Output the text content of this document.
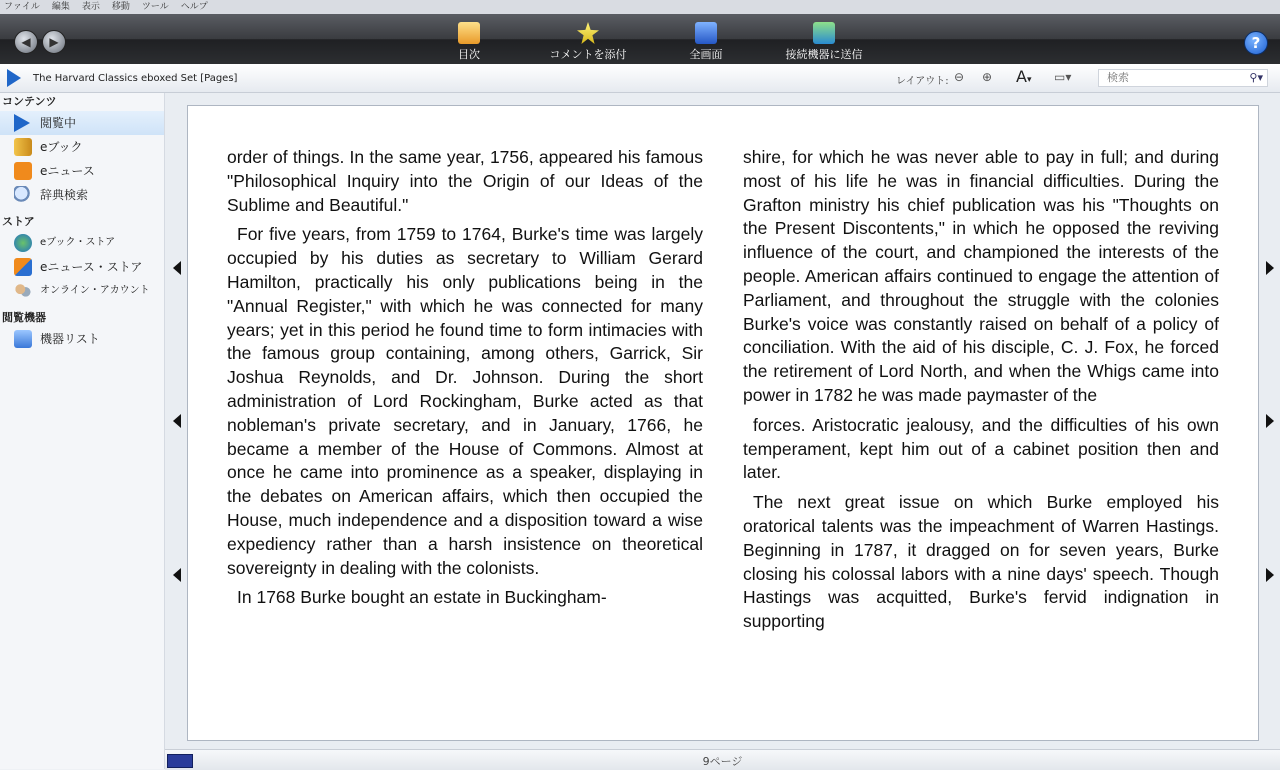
ファイル	編集	表示	移動	ツール	ヘルプ
◀	▶
目次	コメントを添付	全画面	接続機器に送信
?
The Harvard Classics eboxed Set [Pages]	レイアウト: ⊖ ⊕ A▾ ▭▾	検索	⚲▾
コンテンツ
閲覧中
eブック
eニュース
辞典検索
ストア
eブック・ストア
eニュース・ストア
オンライン・アカウント
閲覧機器
機器リスト

order of things. In the same year, 1756, appeared his famous "Philosophical Inquiry into the Origin of our Ideas of the Sublime and Beautiful."

For five years, from 1759 to 1764, Burke's time was largely occupied by his duties as secretary to William Gerard Hamilton, practically his only publications being in the "Annual Register," with which he was connected for many years; yet in this period he found time to form intimacies with the famous group containing, among others, Garrick, Sir Joshua Reynolds, and Dr. Johnson. During the short administration of Lord Rockingham, Burke acted as that nobleman's private secretary, and in January, 1766, he became a member of the House of Commons. Almost at once he came into prominence as a speaker, displaying in the debates on American affairs, which then occupied the House, much independence and a disposition toward a wise expediency rather than a harsh insistence on theoretical sovereignty in dealing with the colonists.

In 1768 Burke bought an estate in Buckingham-

shire, for which he was never able to pay in full; and during most of his life he was in financial difficulties. During the Grafton ministry his chief publication was his "Thoughts on the Present Discontents," in which he opposed the reviving influence of the court, and championed the interests of the people. American affairs continued to engage the attention of Parliament, and throughout the struggle with the colonies Burke's voice was constantly raised on behalf of a policy of conciliation. With the aid of his disciple, C. J. Fox, he forced the retirement of Lord North, and when the Whigs came into power in 1782 he was made paymaster of the

forces. Aristocratic jealousy, and the difficulties of his own temperament, kept him out of a cabinet position then and later.

The next great issue on which Burke employed his oratorical talents was the impeachment of Warren Hastings. Beginning in 1787, it dragged on for seven years, Burke closing his colossal labors with a nine days' speech. Though Hastings was acquitted, Burke's fervid indignation in supporting

9ページ
